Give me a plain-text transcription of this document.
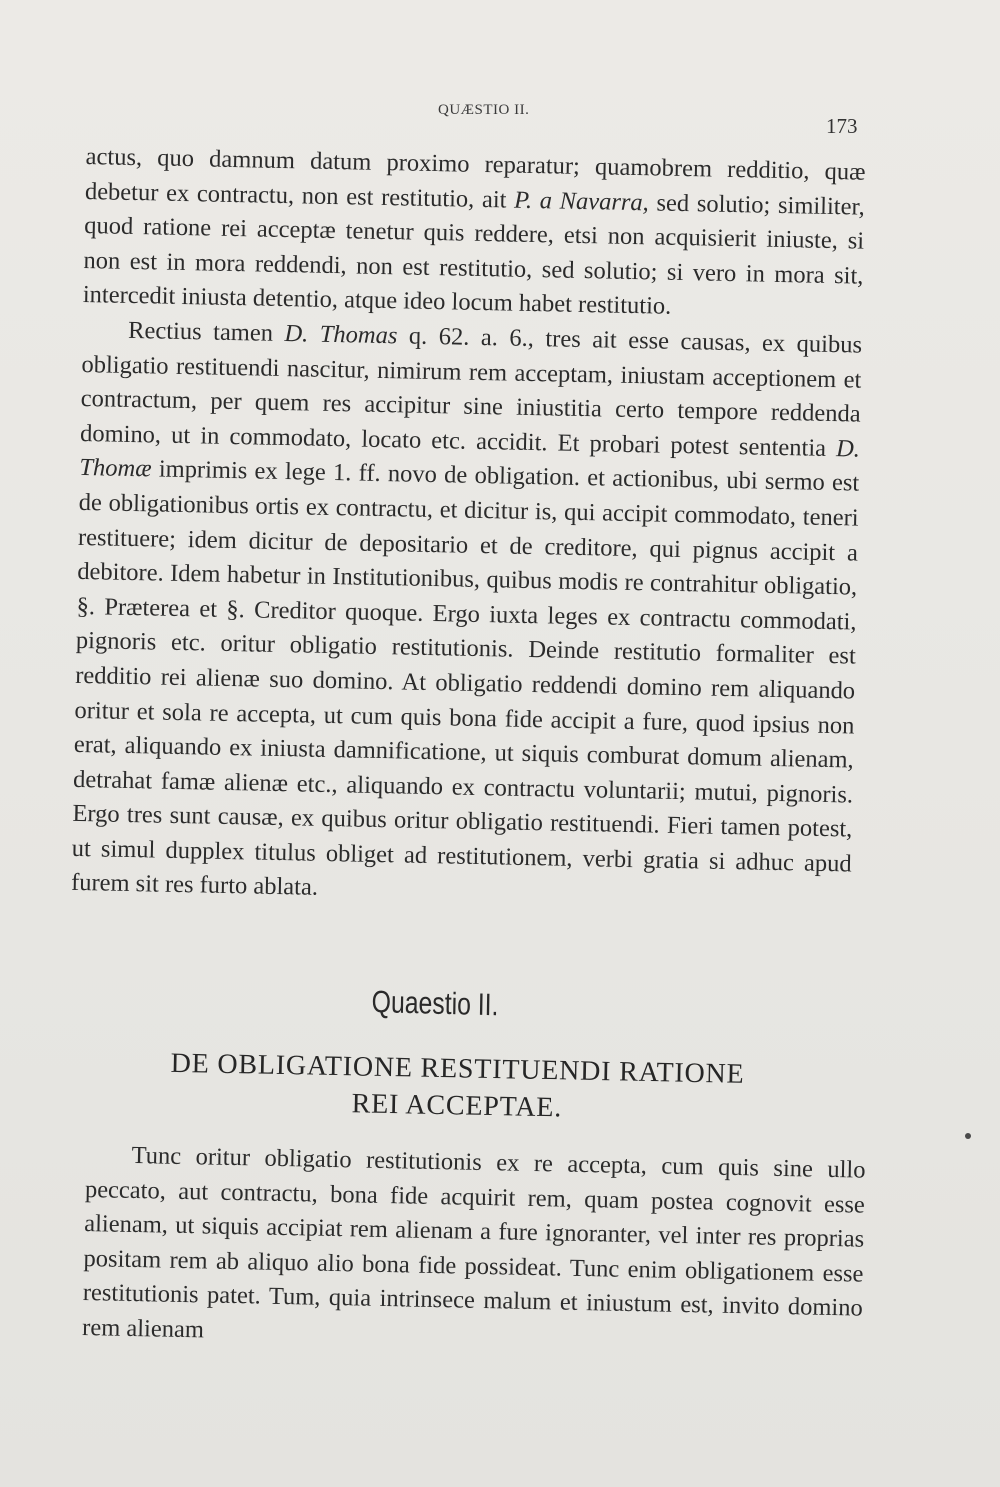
QUÆSTIO II.
173

actus, quo damnum datum proximo reparatur; quamobrem redditio, quæ debetur ex contractu, non est restitutio, ait P. a Navarra, sed solutio; similiter, quod ratione rei acceptæ tenetur quis reddere, etsi non acquisierit iniuste, si non est in mora reddendi, non est restitutio, sed solutio; si vero in mora sit, intercedit iniusta detentio, atque ideo locum habet restitutio.

Rectius tamen D. Thomas q. 62. a. 6., tres ait esse causas, ex quibus obligatio restituendi nascitur, nimirum rem acceptam, iniustam acceptionem et contractum, per quem res accipitur sine iniustitia certo tempore reddenda domino, ut in commodato, locato etc. accidit. Et probari potest sententia D. Thomæ imprimis ex lege 1. ff. novo de obligation. et actionibus, ubi sermo est de obligationibus ortis ex contractu, et dicitur is, qui accipit commodato, teneri restituere; idem dicitur de depositario et de creditore, qui pignus accipit a debitore. Idem habetur in Institutionibus, quibus modis re contrahitur obligatio, §. Præterea et §. Creditor quoque. Ergo iuxta leges ex contractu commodati, pignoris etc. oritur obligatio restitutionis. Deinde restitutio formaliter est redditio rei alienæ suo domino. At obligatio reddendi domino rem aliquando oritur et sola re accepta, ut cum quis bona fide accipit a fure, quod ipsius non erat, aliquando ex iniusta damnificatione, ut siquis comburat domum alienam, detrahat famæ alienæ etc., aliquando ex contractu voluntarii; mutui, pignoris. Ergo tres sunt causæ, ex quibus oritur obligatio restituendi. Fieri tamen potest, ut simul dupplex titulus obliget ad restitutionem, verbi gratia si adhuc apud furem sit res furto ablata.

Quaestio II.
DE OBLIGATIONE RESTITUENDI RATIONE
REI ACCEPTAE.

Tunc oritur obligatio restitutionis ex re accepta, cum quis sine ullo peccato, aut contractu, bona fide acquirit rem, quam postea cognovit esse alienam, ut siquis accipiat rem alienam a fure ignoranter, vel inter res proprias positam rem ab aliquo alio bona fide possideat. Tunc enim obligationem esse restitutionis patet. Tum, quia intrinsece malum et iniustum est, invito domino rem alienam
